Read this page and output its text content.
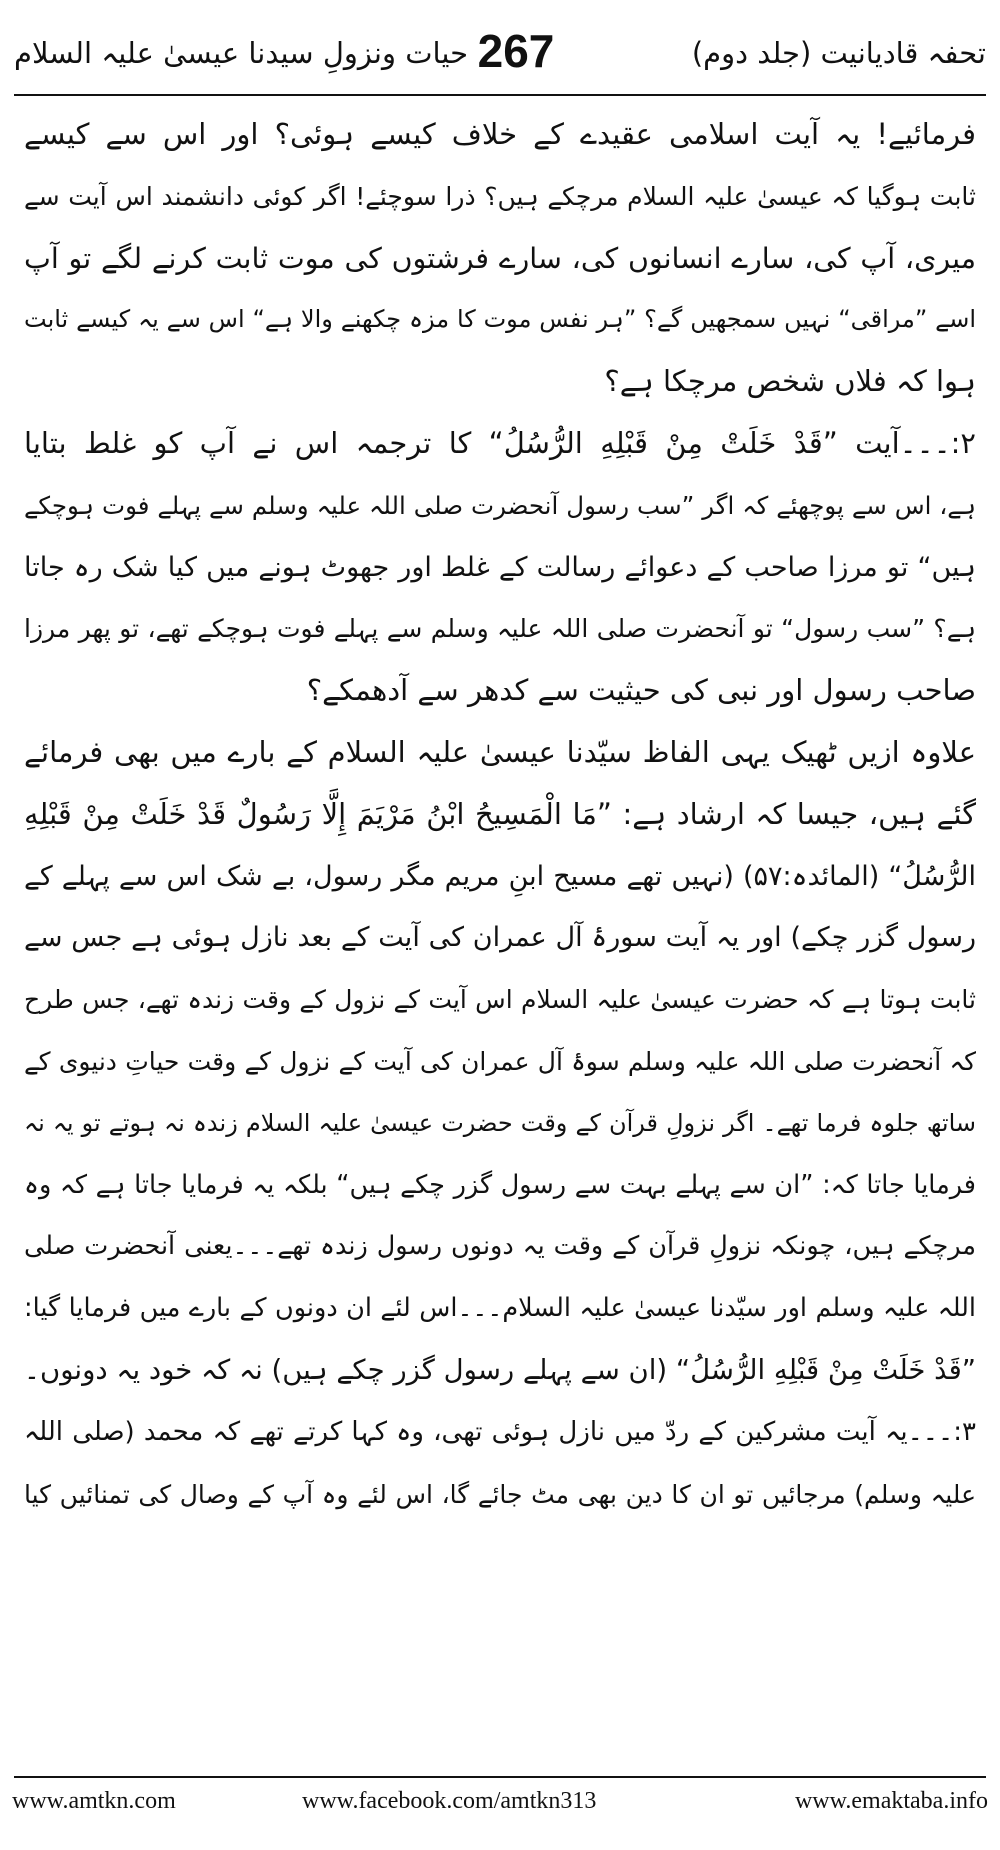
تحفہ قادیانیت (جلد دوم)
267
حیات ونزولِ سیدنا عیسیٰ علیہ السلام
فرمائیے! یہ آیت اسلامی عقیدے کے خلاف کیسے ہوئی؟ اور اس سے کیسے
ثابت ہوگیا کہ عیسیٰ علیہ السلام مرچکے ہیں؟ ذرا سوچئے! اگر کوئی دانشمند اس آیت سے
میری، آپ کی، سارے انسانوں کی، سارے فرشتوں کی موت ثابت کرنے لگے تو آپ
اسے ”مراقی“ نہیں سمجھیں گے؟ ”ہر نفس موت کا مزہ چکھنے والا ہے“ اس سے یہ کیسے ثابت
ہوا کہ فلاں شخص مرچکا ہے؟
۲:۔۔۔آیت ”قَدْ خَلَتْ مِنْ قَبْلِهِ الرُّسُلُ“ کا ترجمہ اس نے آپ کو غلط بتایا
ہے، اس سے پوچھئے کہ اگر ”سب رسول آنحضرت صلی اللہ علیہ وسلم سے پہلے فوت ہوچکے
ہیں“ تو مرزا صاحب کے دعوائے رسالت کے غلط اور جھوٹ ہونے میں کیا شک رہ جاتا
ہے؟ ”سب رسول“ تو آنحضرت صلی اللہ علیہ وسلم سے پہلے فوت ہوچکے تھے، تو پھر مرزا
صاحب رسول اور نبی کی حیثیت سے کدھر سے آدھمکے؟
علاوہ ازیں ٹھیک یہی الفاظ سیّدنا عیسیٰ علیہ السلام کے بارے میں بھی فرمائے
گئے ہیں، جیسا کہ ارشاد ہے: ”مَا الْمَسِيحُ ابْنُ مَرْيَمَ إِلَّا رَسُولٌ قَدْ خَلَتْ مِنْ قَبْلِهِ
الرُّسُلُ“ (المائدہ:۵۷) (نہیں تھے مسیح ابنِ مریم مگر رسول، بے شک اس سے پہلے کے
رسول گزر چکے) اور یہ آیت سورۂ آل عمران کی آیت کے بعد نازل ہوئی ہے جس سے
ثابت ہوتا ہے کہ حضرت عیسیٰ علیہ السلام اس آیت کے نزول کے وقت زندہ تھے، جس طرح
کہ آنحضرت صلی اللہ علیہ وسلم سوۂ آل عمران کی آیت کے نزول کے وقت حیاتِ دنیوی کے
ساتھ جلوہ فرما تھے۔ اگر نزولِ قرآن کے وقت حضرت عیسیٰ علیہ السلام زندہ نہ ہوتے تو یہ نہ
فرمایا جاتا کہ: ”ان سے پہلے بہت سے رسول گزر چکے ہیں“ بلکہ یہ فرمایا جاتا ہے کہ وہ
مرچکے ہیں، چونکہ نزولِ قرآن کے وقت یہ دونوں رسول زندہ تھے۔۔۔یعنی آنحضرت صلی
اللہ علیہ وسلم اور سیّدنا عیسیٰ علیہ السلام۔۔۔اس لئے ان دونوں کے بارے میں فرمایا گیا:
”قَدْ خَلَتْ مِنْ قَبْلِهِ الرُّسُلُ“ (ان سے پہلے رسول گزر چکے ہیں) نہ کہ خود یہ دونوں۔
۳:۔۔۔یہ آیت مشرکین کے ردّ میں نازل ہوئی تھی، وہ کہا کرتے تھے کہ محمد (صلی اللہ
علیہ وسلم) مرجائیں تو ان کا دین بھی مٹ جائے گا، اس لئے وہ آپ کے وصال کی تمنائیں کیا
www.amtkn.com	www.facebook.com/amtkn313	www.emaktaba.info
